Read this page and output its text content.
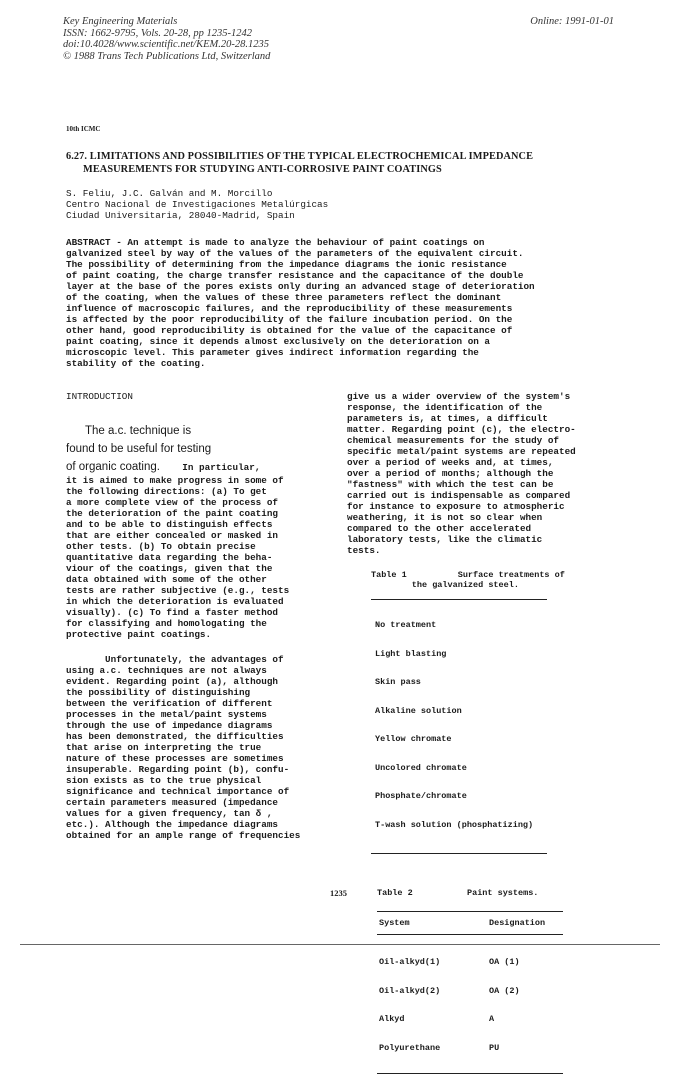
Key Engineering Materials
ISSN: 1662-9795, Vols. 20-28, pp 1235-1242
doi:10.4028/www.scientific.net/KEM.20-28.1235
© 1988 Trans Tech Publications Ltd, Switzerland
Online: 1991-01-01
10th ICMC
6.27. LIMITATIONS AND POSSIBILITIES OF THE TYPICAL ELECTROCHEMICAL IMPEDANCE
MEASUREMENTS FOR STUDYING ANTI-CORROSIVE PAINT COATINGS
S. Feliu, J.C. Galván and M. Morcillo
Centro Nacional de Investigaciones Metalúrgicas
Ciudad Universitaria, 28040-Madrid, Spain
ABSTRACT - An attempt is made to analyze the behaviour of paint coatings on
galvanized steel by way of the values of the parameters of the equivalent circuit.
The possibility of determining from the impedance diagrams the ionic resistance
of paint coating, the charge transfer resistance and the capacitance of the double
layer at the base of the pores exists only during an advanced stage of deterioration
of the coating, when the values of these three parameters reflect the dominant
influence of macroscopic failures, and the reproducibility of these measurements
is affected by the poor reproducibility of the failure incubation period. On the
other hand, good reproducibility is obtained for the value of the capacitance of
paint coating, since it depends almost exclusively on the deterioration on a
microscopic level. This parameter gives indirect information regarding the
stability of the coating.
INTRODUCTION
The a.c. technique is
found to be useful for testing
of organic coating.    In particular,
it is aimed to make progress in some of
the following directions: (a) To get
a more complete view of the process of
the deterioration of the paint coating
and to be able to distinguish effects
that are either concealed or masked in
other tests. (b) To obtain precise
quantitative data regarding the beha-
viour of the coatings, given that the
data obtained with some of the other
tests are rather subjective (e.g., tests
in which the deterioration is evaluated
visually). (c) To find a faster method
for classifying and homologating the
protective paint coatings.
Unfortunately, the advantages of
using a.c. techniques are not always
evident. Regarding point (a), although
the possibility of distinguishing
between the verification of different
processes in the metal/paint systems
through the use of impedance diagrams
has been demonstrated, the difficulties
that arise on interpreting the true
nature of these processes are sometimes
insuperable. Regarding point (b), confu-
sion exists as to the true physical
significance and technical importance of
certain parameters measured (impedance
values for a given frequency, tan δ ,
etc.). Although the impedance diagrams
obtained for an ample range of frequencies
give us a wider overview of the system's
response, the identification of the
parameters is, at times, a difficult
matter. Regarding point (c), the electro-
chemical measurements for the study of
specific metal/paint systems are repeated
over a period of weeks and, at times,
over a period of months; although the
"fastness" with which the test can be
carried out is indispensable as compared
for instance to exposure to atmospheric
weathering, it is not so clear when
compared to the other accelerated
laboratory tests, like the climatic
tests.
Table 1          Surface treatments of
the galvanized steel.

No treatment

Light blasting

Skin pass

Alkaline solution

Yellow chromate

Uncolored chromate

Phosphate/chromate

T-wash solution (phosphatizing)

Table 2	Paint systems.
System	Designation

Oil-alkyd(1)	OA (1)

Oil-alkyd(2)	OA (2)

Alkyd	A

Polyurethane	PU

1235
